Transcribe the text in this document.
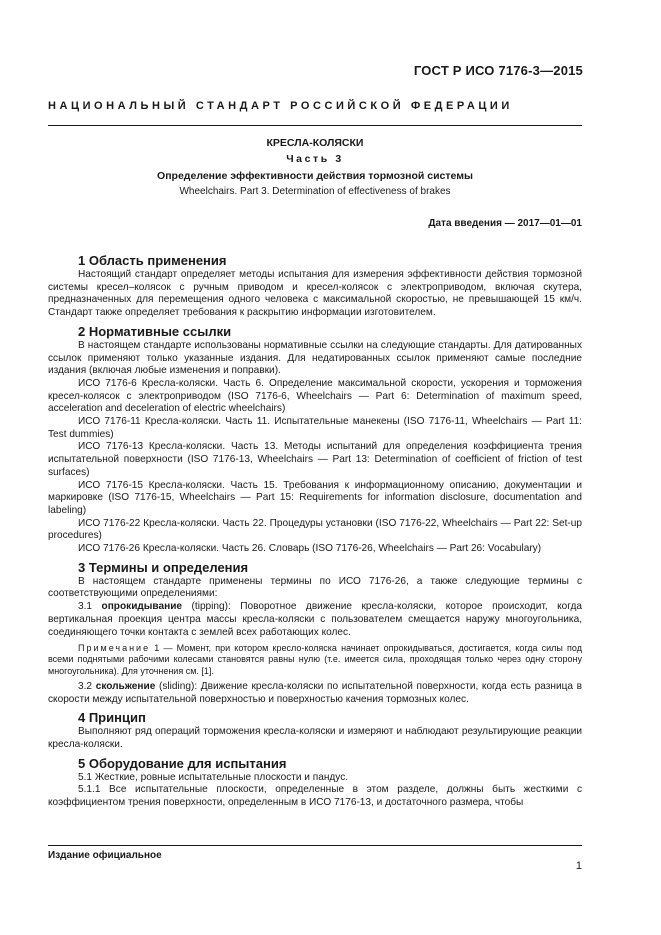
ГОСТ Р ИСО 7176-3—2015
НАЦИОНАЛЬНЫЙ СТАНДАРТ РОССИЙСКОЙ ФЕДЕРАЦИИ
КРЕСЛА-КОЛЯСКИ
Часть 3
Определение эффективности действия тормозной системы
Wheelchairs. Part 3. Determination of effectiveness of brakes
Дата введения — 2017—01—01
1 Область применения

Настоящий стандарт определяет методы испытания для измерения эффективности действия тормозной системы кресел–колясок с ручным приводом и кресел-колясок с электроприводом, включая скутера, предназначенных для перемещения одного человека с максимальной скоростью, не превышающей 15 км/ч. Стандарт также определяет требования к раскрытию информации изготовителем.

2 Нормативные ссылки

В настоящем стандарте использованы нормативные ссылки на следующие стандарты. Для датированных ссылок применяют только указанные издания. Для недатированных ссылок применяют самые последние издания (включая любые изменения и поправки).

ИСО 7176-6 Кресла-коляски. Часть 6. Определение максимальной скорости, ускорения и торможения кресел-колясок с электроприводом (ISO 7176-6, Wheelchairs — Part 6: Determination of maximum speed, acceleration and deceleration of electric wheelchairs)

ИСО 7176-11 Кресла-коляски. Часть 11. Испытательные манекены (ISO 7176-11, Wheelchairs — Part 11: Test dummies)

ИСО 7176-13 Кресла-коляски. Часть 13. Методы испытаний для определения коэффициента трения испытательной поверхности (ISO 7176-13, Wheelchairs — Part 13: Determination of coefficient of friction of test surfaces)

ИСО 7176-15 Кресла-коляски. Часть 15. Требования к информационному описанию, документации и маркировке (ISO 7176-15, Wheelchairs — Part 15: Requirements for information disclosure, documentation and labeling)

ИСО 7176-22 Кресла-коляски. Часть 22. Процедуры установки (ISO 7176-22, Wheelchairs — Part 22: Set-up procedures)

ИСО 7176-26 Кресла-коляски. Часть 26. Словарь (ISO 7176-26, Wheelchairs — Part 26: Vocabulary)

3 Термины и определения

В настоящем стандарте применены термины по ИСО 7176-26, а также следующие термины с соответствующими определениями:

3.1 опрокидывание (tipping): Поворотное движение кресла-коляски, которое происходит, когда вертикальная проекция центра массы кресла-коляски с пользователем смещается наружу многоугольника, соединяющего точки контакта с землей всех работающих колес.

Примечание 1 — Момент, при котором кресло-коляска начинает опрокидываться, достигается, когда силы под всеми поднятыми рабочими колесами становятся равны нулю (т.е. имеется сила, проходящая только через одну сторону многоугольника). Для уточнения см. [1].

3.2 скольжение (sliding): Движение кресла-коляски по испытательной поверхности, когда есть разница в скорости между испытательной поверхностью и поверхностью качения тормозных колес.

4 Принцип

Выполняют ряд операций торможения кресла-коляски и измеряют и наблюдают результирующие реакции кресла-коляски.

5 Оборудование для испытания

5.1 Жесткие, ровные испытательные плоскости и пандус.

5.1.1 Все испытательные плоскости, определенные в этом разделе, должны быть жесткими с коэффициентом трения поверхности, определенным в ИСО 7176-13, и достаточного размера, чтобы

Издание официальное
1
